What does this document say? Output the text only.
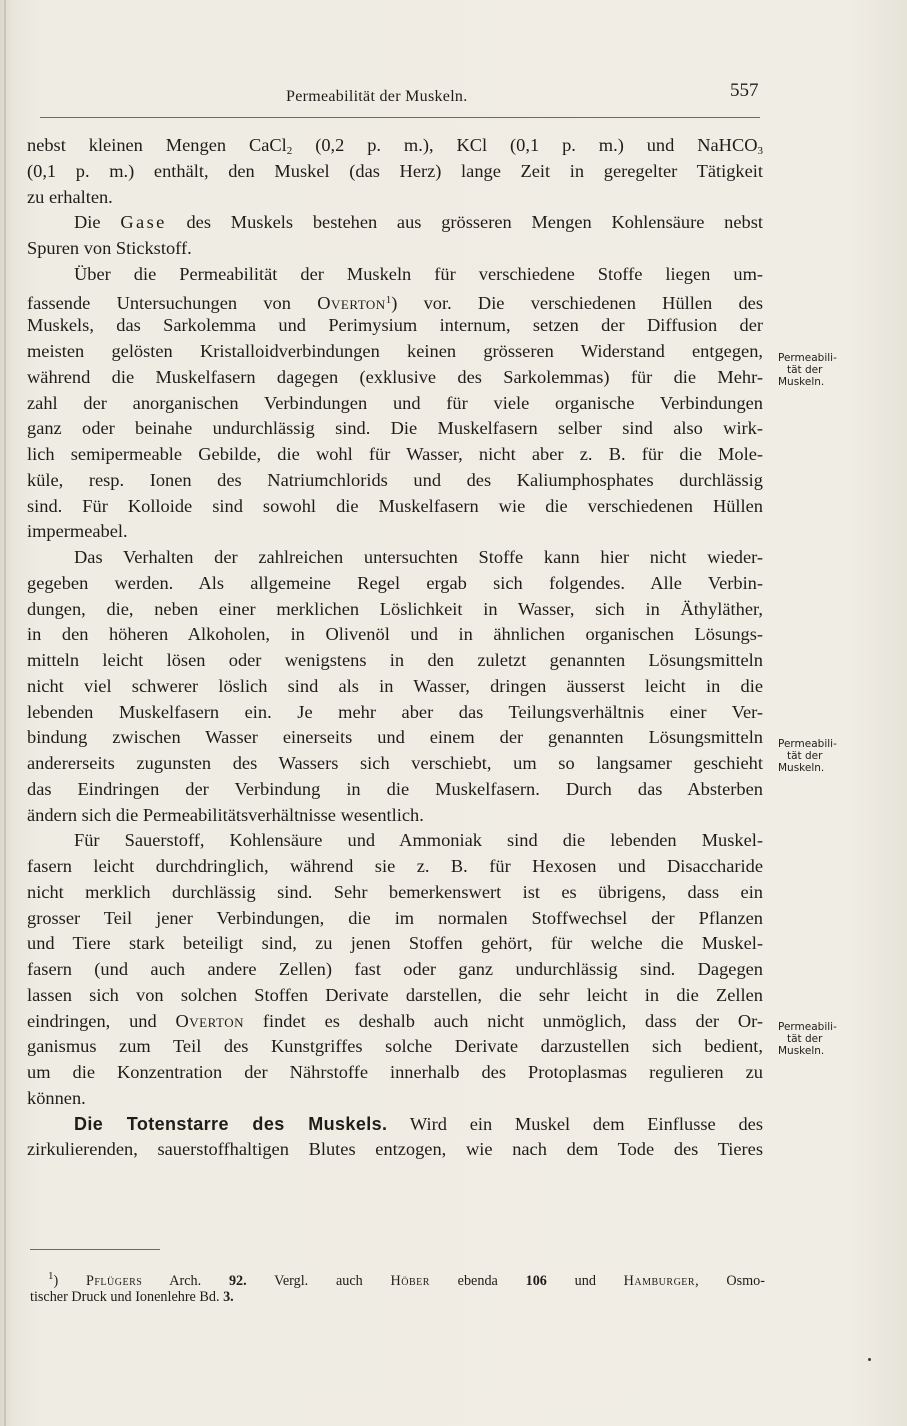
Permeabilität der Muskeln.	557
nebst kleinen Mengen CaCl$_2$ (0,2 p. m.), KCl (0,1 p. m.) und NaHCO$_3$
(0,1 p. m.) enthält, den Muskel (das Herz) lange Zeit in geregelter Tätigkeit
zu erhalten.
Die Gase des Muskels bestehen aus grösseren Mengen Kohlensäure nebst
Spuren von Stickstoff.
Über die Permeabilität der Muskeln für verschiedene Stoffe liegen um-
fassende Untersuchungen von Overton$^1$) vor. Die verschiedenen Hüllen des
Muskels, das Sarkolemma und Perimysium internum, setzen der Diffusion der
meisten gelösten Kristalloidverbindungen keinen grösseren Widerstand entgegen,
während die Muskelfasern dagegen (exklusive des Sarkolemmas) für die Mehr-
zahl der anorganischen Verbindungen und für viele organische Verbindungen
ganz oder beinahe undurchlässig sind. Die Muskelfasern selber sind also wirk-
lich semipermeable Gebilde, die wohl für Wasser, nicht aber z. B. für die Mole-
küle, resp. Ionen des Natriumchlorids und des Kaliumphosphates durchlässig
sind. Für Kolloide sind sowohl die Muskelfasern wie die verschiedenen Hüllen
impermeabel.
Das Verhalten der zahlreichen untersuchten Stoffe kann hier nicht wieder-
gegeben werden. Als allgemeine Regel ergab sich folgendes. Alle Verbin-
dungen, die, neben einer merklichen Löslichkeit in Wasser, sich in Äthyläther,
in den höheren Alkoholen, in Olivenöl und in ähnlichen organischen Lösungs-
mitteln leicht lösen oder wenigstens in den zuletzt genannten Lösungsmitteln
nicht viel schwerer löslich sind als in Wasser, dringen äusserst leicht in die
lebenden Muskelfasern ein. Je mehr aber das Teilungsverhältnis einer Ver-
bindung zwischen Wasser einerseits und einem der genannten Lösungsmitteln
andererseits zugunsten des Wassers sich verschiebt, um so langsamer geschieht
das Eindringen der Verbindung in die Muskelfasern. Durch das Absterben
ändern sich die Permeabilitätsverhältnisse wesentlich.
Für Sauerstoff, Kohlensäure und Ammoniak sind die lebenden Muskel-
fasern leicht durchdringlich, während sie z. B. für Hexosen und Disaccharide
nicht merklich durchlässig sind. Sehr bemerkenswert ist es übrigens, dass ein
grosser Teil jener Verbindungen, die im normalen Stoffwechsel der Pflanzen
und Tiere stark beteiligt sind, zu jenen Stoffen gehört, für welche die Muskel-
fasern (und auch andere Zellen) fast oder ganz undurchlässig sind. Dagegen
lassen sich von solchen Stoffen Derivate darstellen, die sehr leicht in die Zellen
eindringen, und Overton findet es deshalb auch nicht unmöglich, dass der Or-
ganismus zum Teil des Kunstgriffes solche Derivate darzustellen sich bedient,
um die Konzentration der Nährstoffe innerhalb des Protoplasmas regulieren zu
können.
Die Totenstarre des Muskels. Wird ein Muskel dem Einflusse des
zirkulierenden, sauerstoffhaltigen Blutes entzogen, wie nach dem Tode des Tieres
Permeabili-
tät der
Muskeln.
Permeabili-
tät der
Muskeln.
Permeabili-
tät der
Muskeln.
$^1$) Pflügers Arch. 92. Vergl. auch Höber ebenda 106 und Hamburger, Osmo-
tischer Druck und Ionenlehre Bd. 3.
